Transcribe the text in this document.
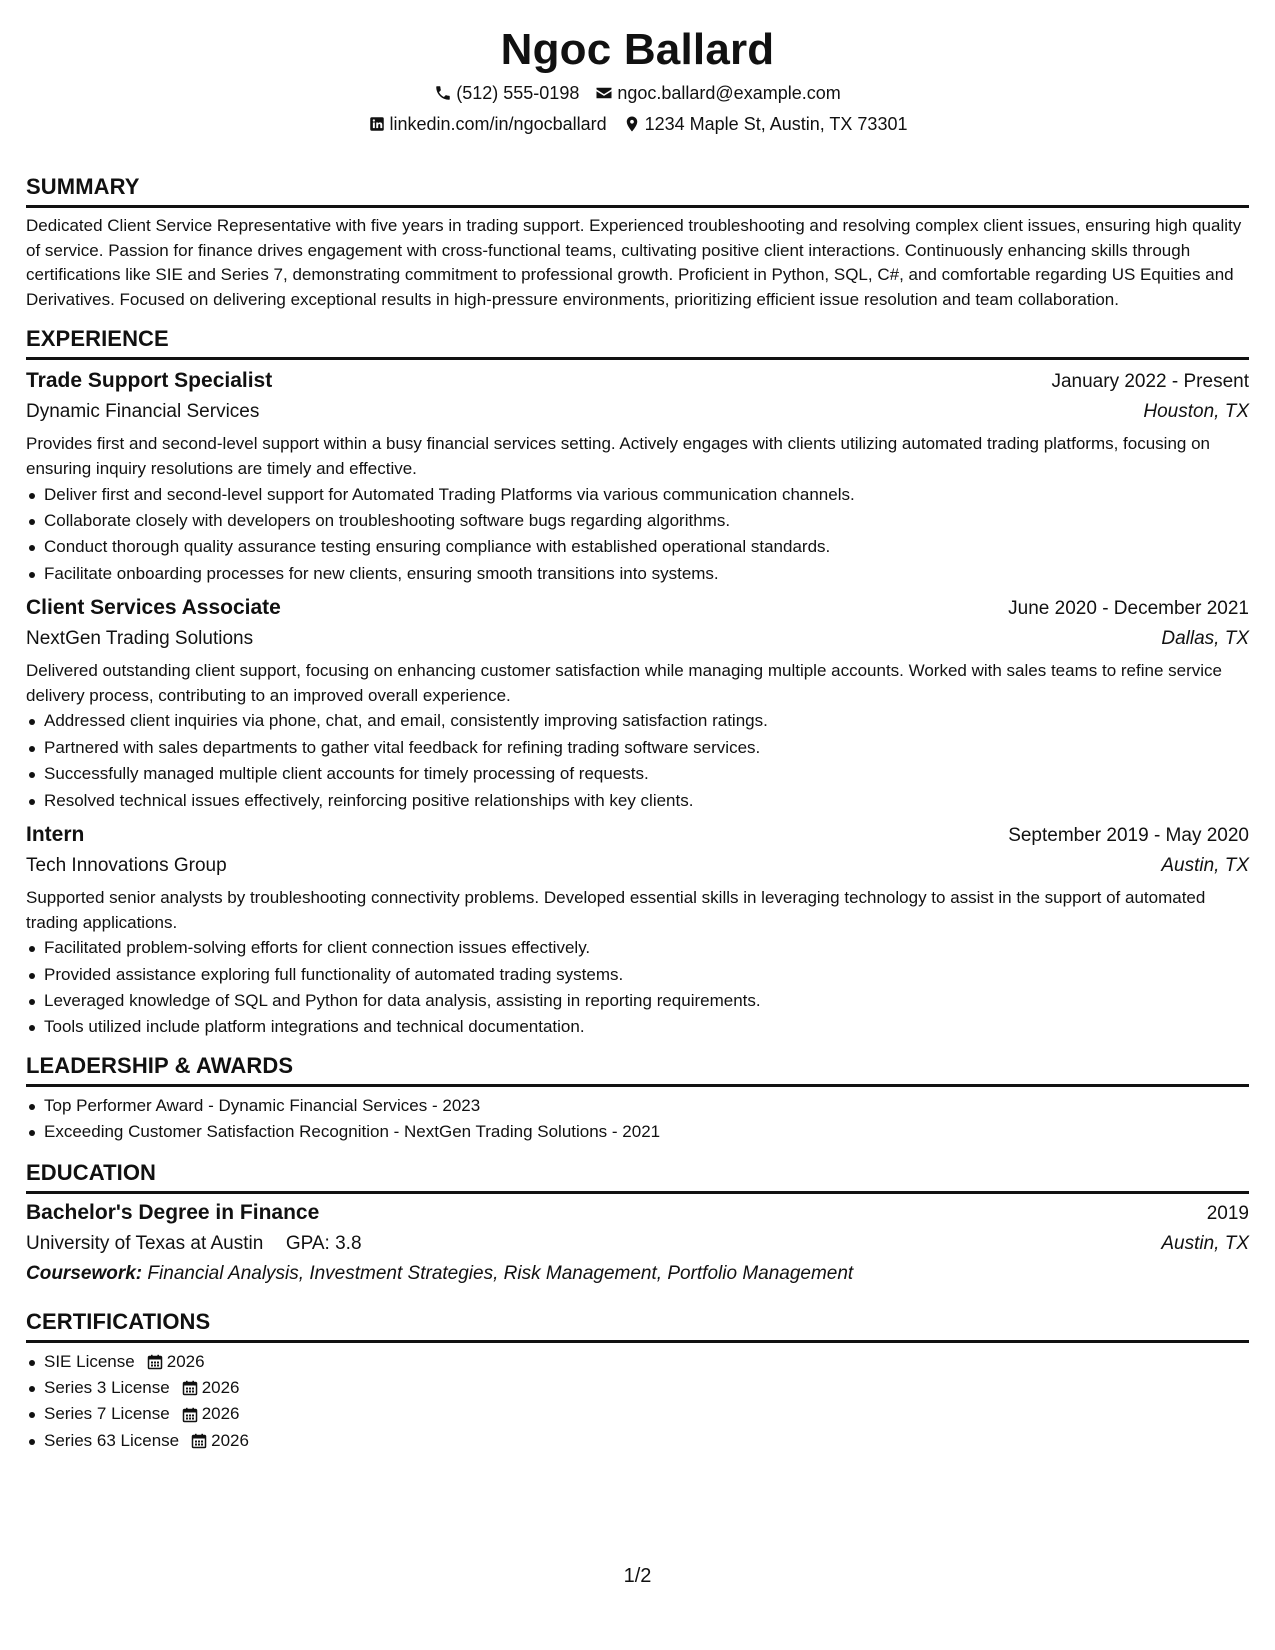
Ngoc Ballard
(512) 555-0198 ngoc.ballard@example.com
linkedin.com/in/ngocballard 1234 Maple St, Austin, TX 73301
SUMMARY
Dedicated Client Service Representative with five years in trading support. Experienced troubleshooting and resolving complex client issues, ensuring high quality of service. Passion for finance drives engagement with cross-functional teams, cultivating positive client interactions. Continuously enhancing skills through certifications like SIE and Series 7, demonstrating commitment to professional growth. Proficient in Python, SQL, C#, and comfortable regarding US Equities and Derivatives. Focused on delivering exceptional results in high-pressure environments, prioritizing efficient issue resolution and team collaboration.
EXPERIENCE
Trade Support Specialist	January 2022 - Present
Dynamic Financial Services	Houston, TX
Provides first and second-level support within a busy financial services setting. Actively engages with clients utilizing automated trading platforms, focusing on ensuring inquiry resolutions are timely and effective.
Deliver first and second-level support for Automated Trading Platforms via various communication channels.
Collaborate closely with developers on troubleshooting software bugs regarding algorithms.
Conduct thorough quality assurance testing ensuring compliance with established operational standards.
Facilitate onboarding processes for new clients, ensuring smooth transitions into systems.
Client Services Associate	June 2020 - December 2021
NextGen Trading Solutions	Dallas, TX
Delivered outstanding client support, focusing on enhancing customer satisfaction while managing multiple accounts. Worked with sales teams to refine service delivery process, contributing to an improved overall experience.
Addressed client inquiries via phone, chat, and email, consistently improving satisfaction ratings.
Partnered with sales departments to gather vital feedback for refining trading software services.
Successfully managed multiple client accounts for timely processing of requests.
Resolved technical issues effectively, reinforcing positive relationships with key clients.
Intern	September 2019 - May 2020
Tech Innovations Group	Austin, TX
Supported senior analysts by troubleshooting connectivity problems. Developed essential skills in leveraging technology to assist in the support of automated trading applications.
Facilitated problem-solving efforts for client connection issues effectively.
Provided assistance exploring full functionality of automated trading systems.
Leveraged knowledge of SQL and Python for data analysis, assisting in reporting requirements.
Tools utilized include platform integrations and technical documentation.
LEADERSHIP & AWARDS
Top Performer Award - Dynamic Financial Services - 2023
Exceeding Customer Satisfaction Recognition - NextGen Trading Solutions - 2021
EDUCATION
Bachelor's Degree in Finance	2019
University of Texas at Austin GPA: 3.8	Austin, TX
Coursework: Financial Analysis, Investment Strategies, Risk Management, Portfolio Management
CERTIFICATIONS
SIE License 2026
Series 3 License 2026
Series 7 License 2026
Series 63 License 2026
1/2
